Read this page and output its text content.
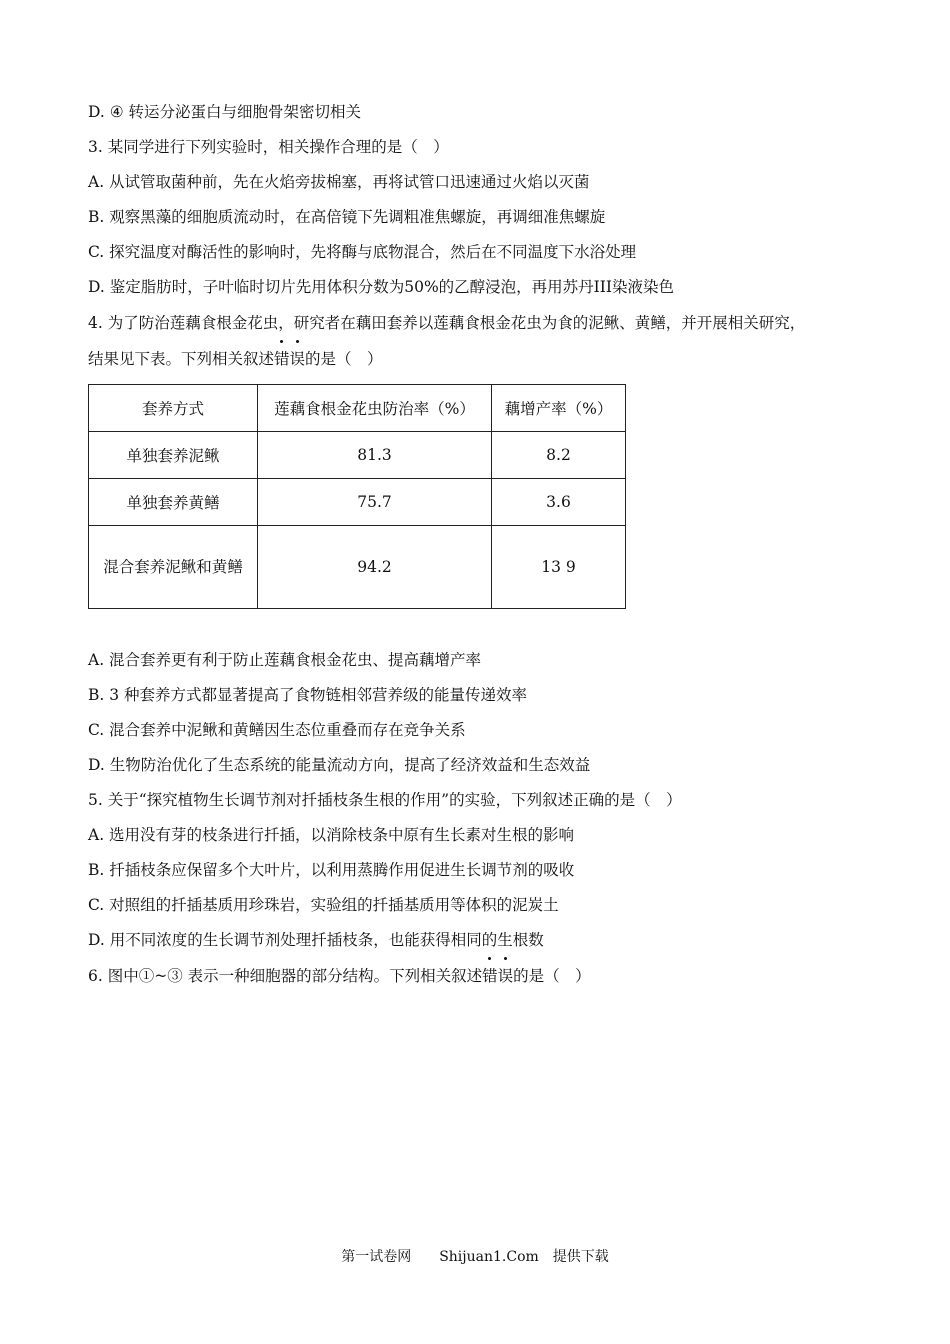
D. ④ 转运分泌蛋白与细胞骨架密切相关
3. 某同学进行下列实验时，相关操作合理的是（　）
A. 从试管取菌种前，先在火焰旁拔棉塞，再将试管口迅速通过火焰以灭菌
B. 观察黑藻的细胞质流动时，在高倍镜下先调粗准焦螺旋，再调细准焦螺旋
C. 探究温度对酶活性的影响时，先将酶与底物混合，然后在不同温度下水浴处理
D. 鉴定脂肪时，子叶临时切片先用体积分数为50%的乙醇浸泡，再用苏丹III染液染色
4. 为了防治莲藕食根金花虫，研究者在藕田套养以莲藕食根金花虫为食的泥鳅、黄鳝，并开展相关研究，
结果见下表。下列相关叙述
错误的是（　）
套养方式	莲藕食根金花虫防治率（%）	藕增产率（%）
单独套养泥鳅	81.3	8.2
单独套养黄鳝	75.7	3.6
混合套养泥鳅和黄鳝	94.2	13 9
A. 混合套养更有利于防止莲藕食根金花虫、提高藕增产率
B. 3 种套养方式都显著提高了食物链相邻营养级的能量传递效率
C. 混合套养中泥鳅和黄鳝因生态位重叠而存在竞争关系
D. 生物防治优化了生态系统的能量流动方向，提高了经济效益和生态效益
5. 关于“探究植物生长调节剂对扦插枝条生根的作用”的实验，下列叙述正确的是（　）
A. 选用没有芽的枝条进行扦插，以消除枝条中原有生长素对生根的影响
B. 扦插枝条应保留多个大叶片，以利用蒸腾作用促进生长调节剂的吸收
C. 对照组的扦插基质用珍珠岩，实验组的扦插基质用等体积的泥炭土
D. 用不同浓度的生长调节剂处理扦插枝条，也能获得相同的生根数
6. 图中①~③ 表示一种细胞器的部分结构。下列相关叙述
错误的是（　）
第一试卷网　　Shijuan1.Com　提供下载
